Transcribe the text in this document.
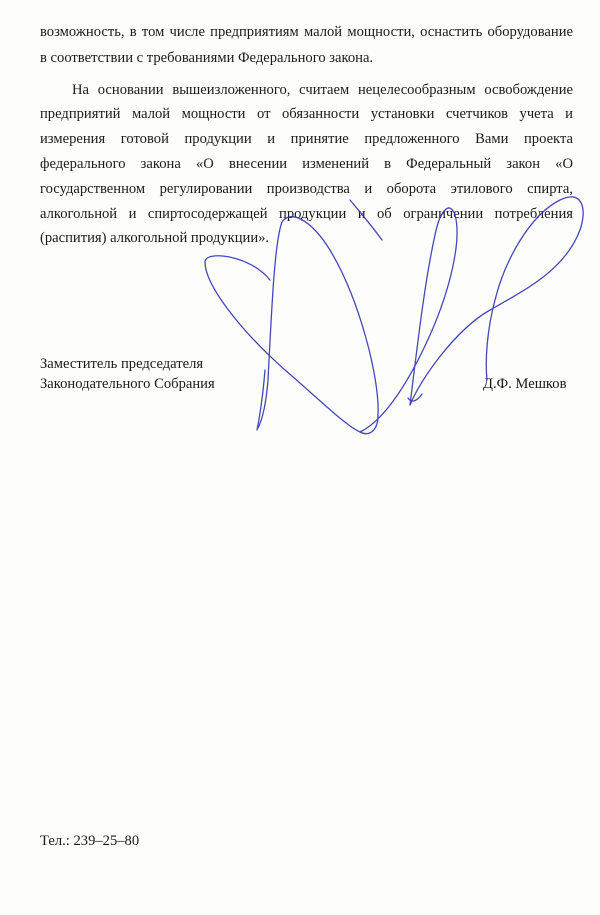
возможность, в том числе предприятиям малой мощности, оснастить оборудование
в соответствии с требованиями Федерального закона.
На основании вышеизложенного, считаем нецелесообразным освобождение
предприятий малой мощности от обязанности установки счетчиков учета и
измерения готовой продукции и принятие предложенного Вами проекта
федерального закона «О внесении изменений в Федеральный закон «О
государственном регулировании производства и оборота этилового спирта,
алкогольной и спиртосодержащей продукции и об ограничении потребления
(распития) алкогольной продукции».
Заместитель председателя
Законодательного Собрания	Д.Ф. Мешков
Тел.: 239–25–80
